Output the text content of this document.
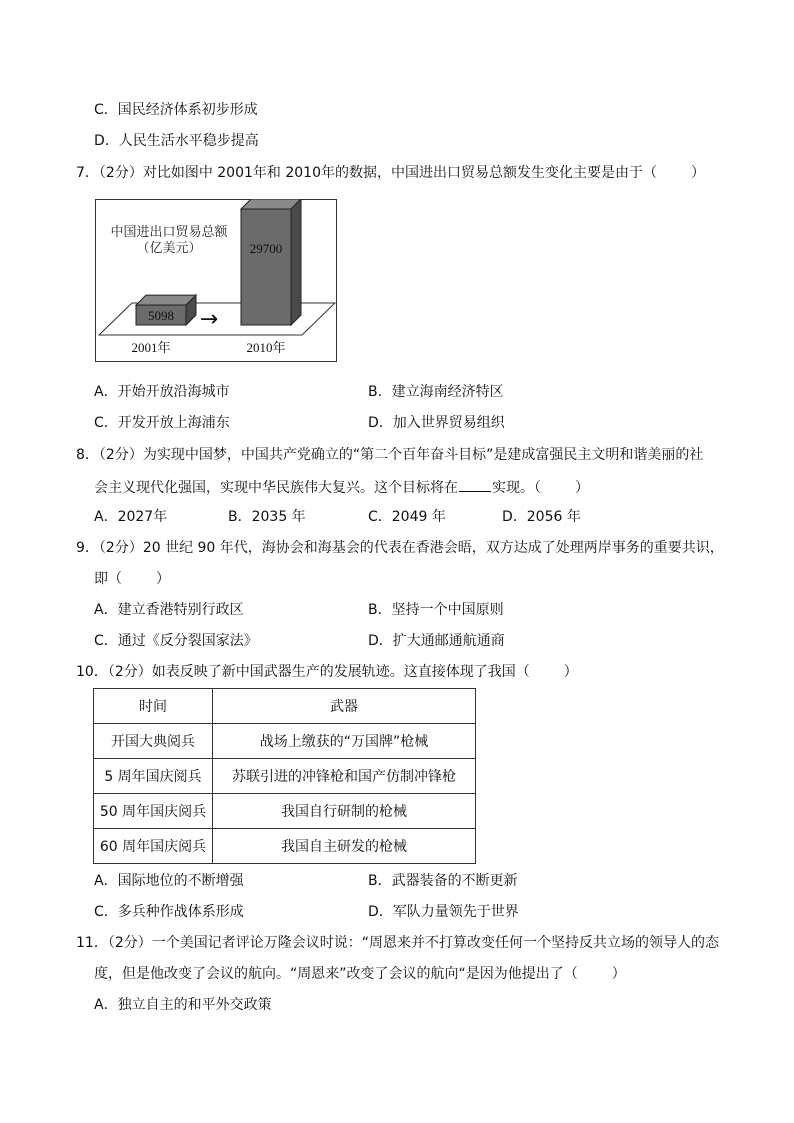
C．国民经济体系初步形成
D．人民生活水平稳步提高
7．（2分）对比如图中 2001年和 2010年的数据，中国进出口贸易总额发生变化主要是由于（ ）
中国进出口贸易总额
（亿美元）
5098
29700
→
2001年	2010年
A．开始开放沿海城市	B．建立海南经济特区
C．开发开放上海浦东	D．加入世界贸易组织
8．（2分）为实现中国梦，中国共产党确立的“第二个百年奋斗目标”是建成富强民主文明和谐美丽的社
会主义现代化强国，实现中华民族伟大复兴。这个目标将在 实现。（ ）
A．2027年	B．2035 年	C．2049 年	D．2056 年
9．（2分）20 世纪 90 年代，海协会和海基会的代表在香港会晤，双方达成了处理两岸事务的重要共识，
即（ ）
A．建立香港特别行政区	B．坚持一个中国原则
C．通过《反分裂国家法》	D．扩大通邮通航通商
10．（2分）如表反映了新中国武器生产的发展轨迹。这直接体现了我国（ ）
时间	武器
开国大典阅兵	战场上缴获的“万国牌”枪械
5 周年国庆阅兵	苏联引进的冲锋枪和国产仿制冲锋枪
50 周年国庆阅兵	我国自行研制的枪械
60 周年国庆阅兵	我国自主研发的枪械
A．国际地位的不断增强	B．武器装备的不断更新
C．多兵种作战体系形成	D．军队力量领先于世界
11．（2分）一个美国记者评论万隆会议时说：“周恩来并不打算改变任何一个坚持反共立场的领导人的态
度，但是他改变了会议的航向。“周恩来”改变了会议的航向“是因为他提出了（ ）
A．独立自主的和平外交政策
